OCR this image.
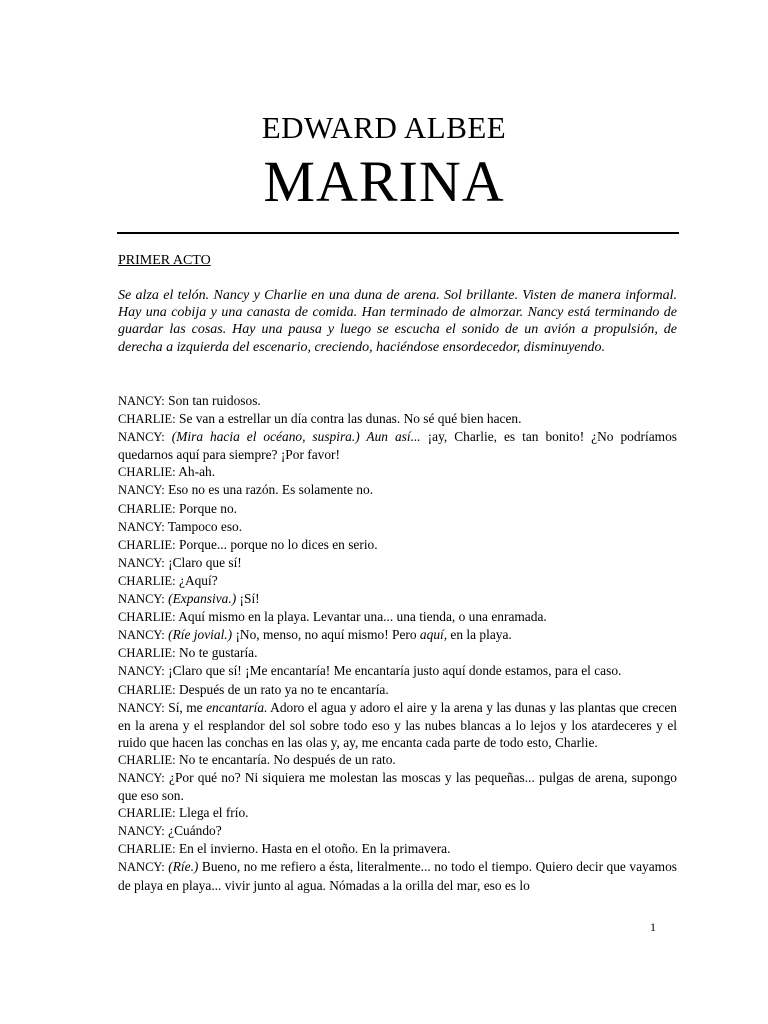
EDWARD ALBEE
MARINA
PRIMER ACTO
Se alza el telón. Nancy y Charlie en una duna de arena. Sol brillante. Visten de manera informal. Hay una cobija y una canasta de comida. Han terminado de almorzar. Nancy está terminando de guardar las cosas. Hay una pausa y luego se escucha el sonido de un avión a propulsión, de derecha a izquierda del escenario, creciendo, haciéndose ensordecedor, disminuyendo.
NANCY: Son tan ruidosos.
CHARLIE: Se van a estrellar un día contra las dunas. No sé qué bien hacen.
NANCY: (Mira hacia el océano, suspira.) Aun así... ¡ay, Charlie, es tan bonito! ¿No podríamos quedarnos aquí para siempre? ¡Por favor!
CHARLIE: Ah-ah.
NANCY: Eso no es una razón. Es solamente no.
CHARLIE: Porque no.
NANCY: Tampoco eso.
CHARLIE: Porque... porque no lo dices en serio.
NANCY: ¡Claro que sí!
CHARLIE: ¿Aquí?
NANCY: (Expansiva.) ¡Sí!
CHARLIE: Aquí mismo en la playa. Levantar una... una tienda, o una enramada.
NANCY: (Ríe jovial.) ¡No, menso, no aquí mismo! Pero aquí, en la playa.
CHARLIE: No te gustaría.
NANCY: ¡Claro que sí! ¡Me encantaría! Me encantaría justo aquí donde estamos, para el caso.
CHARLIE: Después de un rato ya no te encantaría.
NANCY: Sí, me encantaría. Adoro el agua y adoro el aire y la arena y las dunas y las plantas que crecen en la arena y el resplandor del sol sobre todo eso y las nubes blancas a lo lejos y los atardeceres y el ruido que hacen las conchas en las olas y, ay, me encanta cada parte de todo esto, Charlie.
CHARLIE: No te encantaría. No después de un rato.
NANCY: ¿Por qué no? Ni siquiera me molestan las moscas y las pequeñas... pulgas de arena, supongo que eso son.
CHARLIE: Llega el frío.
NANCY: ¿Cuándo?
CHARLIE: En el invierno. Hasta en el otoño. En la primavera.
NANCY: (Ríe.) Bueno, no me refiero a ésta, literalmente... no todo el tiempo. Quiero decir que vayamos de playa en playa... vivir junto al agua. Nómadas a la orilla del mar, eso es lo
1
